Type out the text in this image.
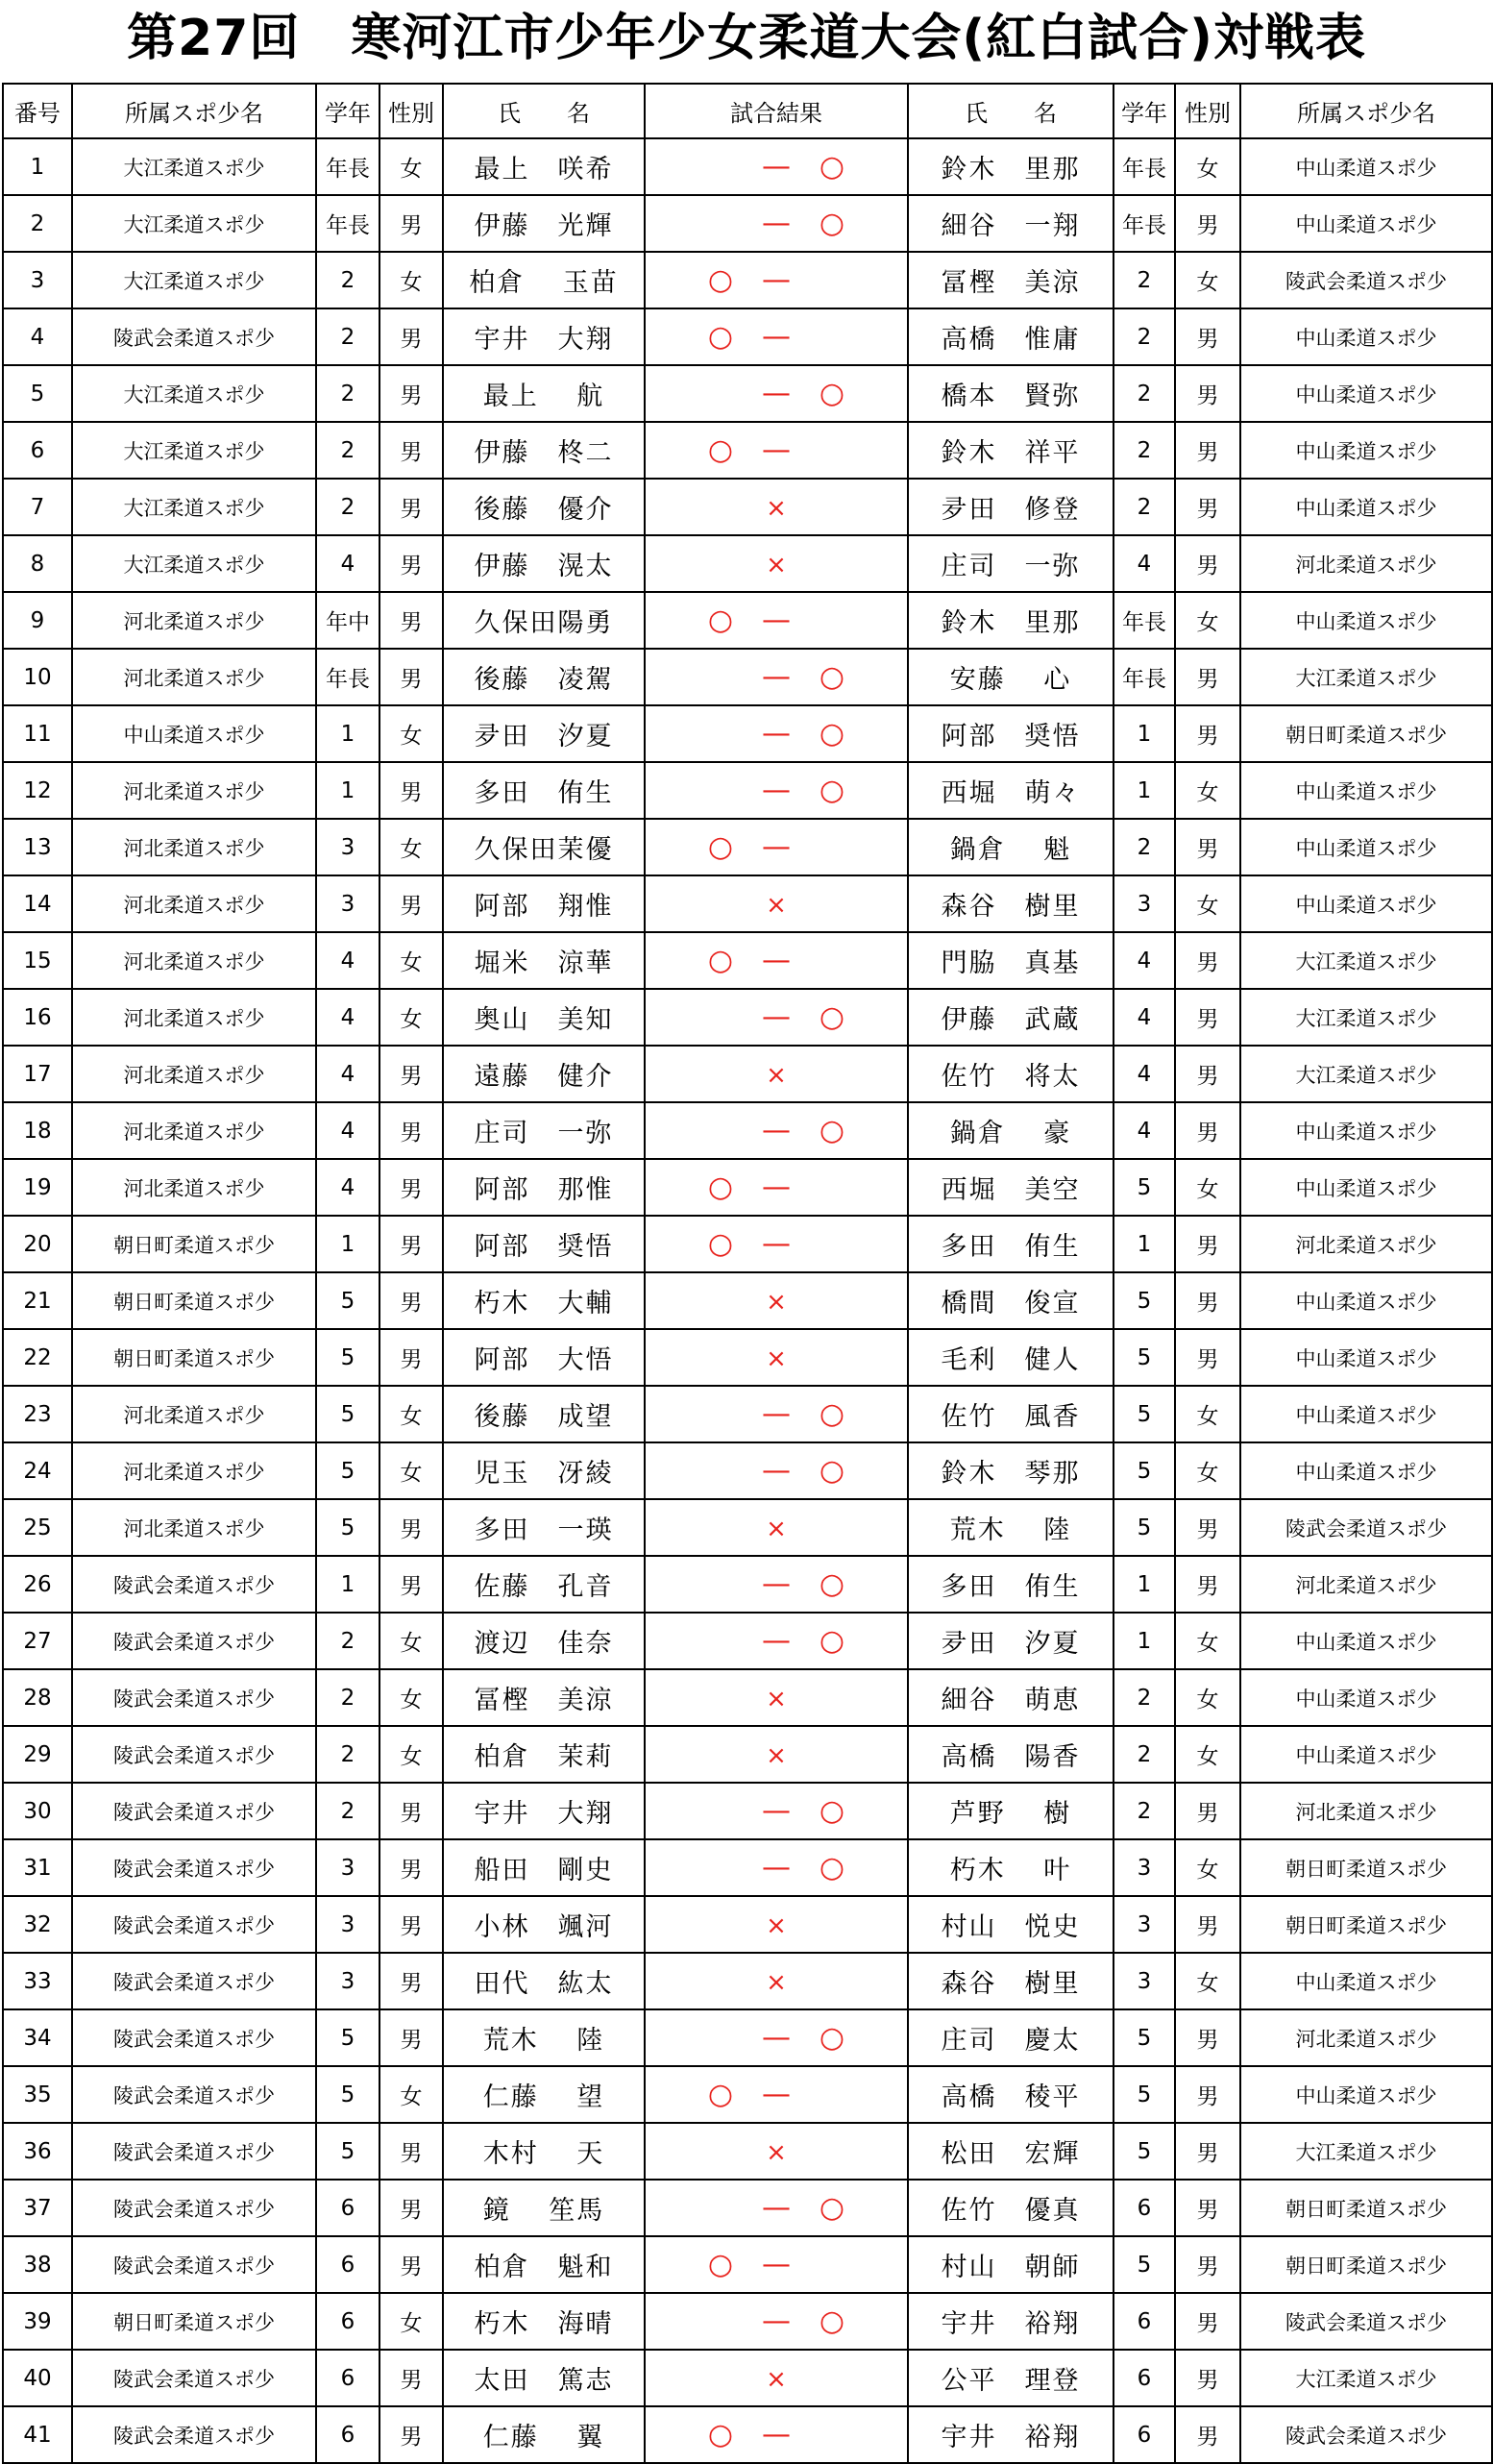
第27回　寒河江市少年少女柔道大会(紅白試合)対戦表
番号	所属スポ少名	学年	性別	氏　　名	試合結果	氏　　名	学年	性別	所属スポ少名
1	大江柔道スポ少	年長	女	最上　咲希	— ○	鈴木　里那	年長	女	中山柔道スポ少
2	大江柔道スポ少	年長	男	伊藤　光輝	— ○	細谷　一翔	年長	男	中山柔道スポ少
3	大江柔道スポ少	2	女	柏倉　 玉苗	○ —	冨樫　美涼	2	女	陵武会柔道スポ少
4	陵武会柔道スポ少	2	男	宇井　大翔	○ —	高橋　惟庸	2	男	中山柔道スポ少
5	大江柔道スポ少	2	男	最上　 航	— ○	橋本　賢弥	2	男	中山柔道スポ少
6	大江柔道スポ少	2	男	伊藤　柊二	○ —	鈴木　祥平	2	男	中山柔道スポ少
7	大江柔道スポ少	2	男	後藤　優介	×	夛田　修登	2	男	中山柔道スポ少
8	大江柔道スポ少	4	男	伊藤　滉太	×	庄司　一弥	4	男	河北柔道スポ少
9	河北柔道スポ少	年中	男	久保田陽勇	○ —	鈴木　里那	年長	女	中山柔道スポ少
10	河北柔道スポ少	年長	男	後藤　凌駕	— ○	安藤　 心	年長	男	大江柔道スポ少
11	中山柔道スポ少	1	女	夛田　汐夏	— ○	阿部　奨悟	1	男	朝日町柔道スポ少
12	河北柔道スポ少	1	男	多田　侑生	— ○	西堀　萌々	1	女	中山柔道スポ少
13	河北柔道スポ少	3	女	久保田茉優	○ —	鍋倉　 魁	2	男	中山柔道スポ少
14	河北柔道スポ少	3	男	阿部　翔惟	×	森谷　樹里	3	女	中山柔道スポ少
15	河北柔道スポ少	4	女	堀米　涼華	○ —	門脇　真基	4	男	大江柔道スポ少
16	河北柔道スポ少	4	女	奥山　美知	— ○	伊藤　武蔵	4	男	大江柔道スポ少
17	河北柔道スポ少	4	男	遠藤　健介	×	佐竹　将太	4	男	大江柔道スポ少
18	河北柔道スポ少	4	男	庄司　一弥	— ○	鍋倉　 豪	4	男	中山柔道スポ少
19	河北柔道スポ少	4	男	阿部　那惟	○ —	西堀　美空	5	女	中山柔道スポ少
20	朝日町柔道スポ少	1	男	阿部　奨悟	○ —	多田　侑生	1	男	河北柔道スポ少
21	朝日町柔道スポ少	5	男	朽木　大輔	×	橋間　俊宣	5	男	中山柔道スポ少
22	朝日町柔道スポ少	5	男	阿部　大悟	×	毛利　健人	5	男	中山柔道スポ少
23	河北柔道スポ少	5	女	後藤　成望	— ○	佐竹　風香	5	女	中山柔道スポ少
24	河北柔道スポ少	5	女	児玉　冴綾	— ○	鈴木　琴那	5	女	中山柔道スポ少
25	河北柔道スポ少	5	男	多田　一瑛	×	荒木　 陸	5	男	陵武会柔道スポ少
26	陵武会柔道スポ少	1	男	佐藤　孔音	— ○	多田　侑生	1	男	河北柔道スポ少
27	陵武会柔道スポ少	2	女	渡辺　佳奈	— ○	夛田　汐夏	1	女	中山柔道スポ少
28	陵武会柔道スポ少	2	女	冨樫　美涼	×	細谷　萌恵	2	女	中山柔道スポ少
29	陵武会柔道スポ少	2	女	柏倉　茉莉	×	高橋　陽香	2	女	中山柔道スポ少
30	陵武会柔道スポ少	2	男	宇井　大翔	— ○	芦野　 樹	2	男	河北柔道スポ少
31	陵武会柔道スポ少	3	男	船田　剛史	— ○	朽木　 叶	3	女	朝日町柔道スポ少
32	陵武会柔道スポ少	3	男	小林　颯河	×	村山　悦史	3	男	朝日町柔道スポ少
33	陵武会柔道スポ少	3	男	田代　紘太	×	森谷　樹里	3	女	中山柔道スポ少
34	陵武会柔道スポ少	5	男	荒木　 陸	— ○	庄司　慶太	5	男	河北柔道スポ少
35	陵武会柔道スポ少	5	女	仁藤　 望	○ —	高橋　稜平	5	男	中山柔道スポ少
36	陵武会柔道スポ少	5	男	木村　 天	×	松田　宏輝	5	男	大江柔道スポ少
37	陵武会柔道スポ少	6	男	鏡　 笙馬	— ○	佐竹　優真	6	男	朝日町柔道スポ少
38	陵武会柔道スポ少	6	男	柏倉　魁和	○ —	村山　朝師	5	男	朝日町柔道スポ少
39	朝日町柔道スポ少	6	女	朽木　海晴	— ○	宇井　裕翔	6	男	陵武会柔道スポ少
40	陵武会柔道スポ少	6	男	太田　篤志	×	公平　理登	6	男	大江柔道スポ少
41	陵武会柔道スポ少	6	男	仁藤　 翼	○ —	宇井　裕翔	6	男	陵武会柔道スポ少
